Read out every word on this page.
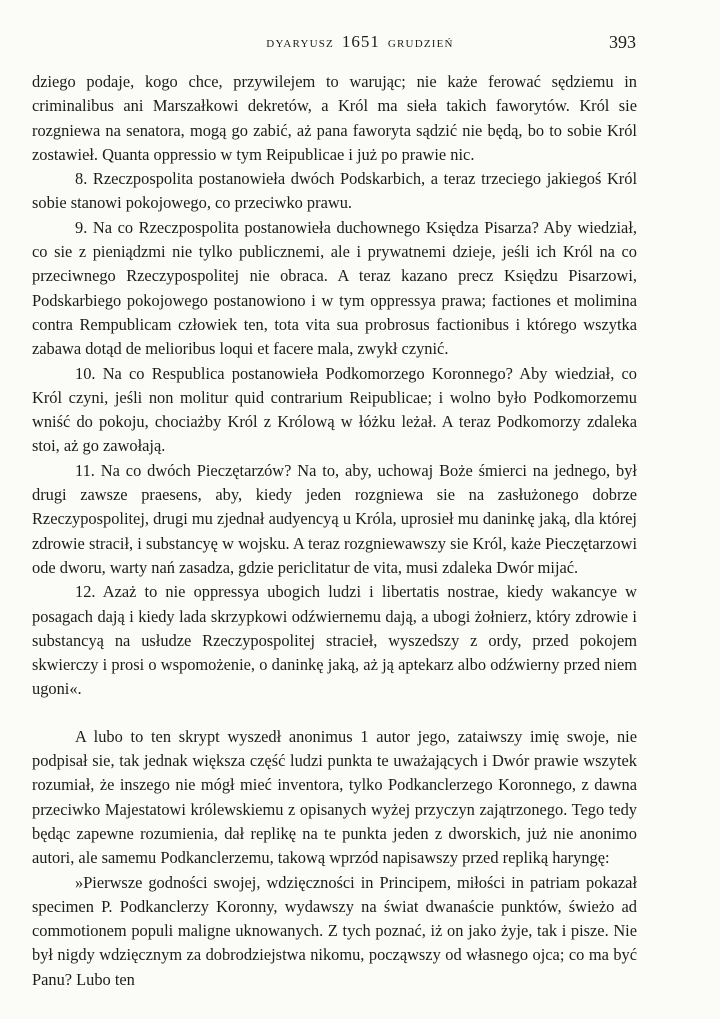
DYARYUSZ 1651 GRUDZIEŃ	393

dziego podaje, kogo chce, przywilejem to warując; nie każe ferować sędziemu in criminalibus ani Marszałkowi dekretów, a Król ma sieła takich faworytów. Król sie rozgniewa na senatora, mogą go zabić, aż pana faworyta sądzić nie będą, bo to sobie Król zostawieł. Quanta oppressio w tym Reipublicae i już po prawie nic.

8. Rzeczpospolita postanowieła dwóch Podskarbich, a teraz trzeciego jakiegoś Król sobie stanowi pokojowego, co przeciwko prawu.

9. Na co Rzeczpospolita postanowieła duchownego Księdza Pisarza? Aby wiedział, co sie z pieniądzmi nie tylko publicznemi, ale i prywatnemi dzieje, jeśli ich Król na co przeciwnego Rzeczypospolitej nie obraca. A teraz kazano precz Księdzu Pisarzowi, Podskarbiego pokojowego postanowiono i w tym oppressya prawa; factiones et molimina contra Rempublicam człowiek ten, tota vita sua probrosus factionibus i którego wszytka zabawa dotąd de melioribus loqui et facere mala, zwykł czynić.

10. Na co Respublica postanowieła Podkomorzego Koronnego? Aby wiedział, co Król czyni, jeśli non molitur quid contrarium Reipublicae; i wolno było Podkomorzemu wniść do pokoju, chociażby Król z Królową w łóżku leżał. A teraz Podkomorzy zdaleka stoi, aż go zawołają.

11. Na co dwóch Pieczętarzów? Na to, aby, uchowaj Boże śmierci na jednego, był drugi zawsze praesens, aby, kiedy jeden rozgniewa sie na zasłużonego dobrze Rzeczypospolitej, drugi mu zjednał audyencyą u Króla, uprosieł mu daninkę jaką, dla której zdrowie stracił, i substancyę w wojsku. A teraz rozgniewawszy sie Król, każe Pieczętarzowi ode dworu, warty nań zasadza, gdzie periclitatur de vita, musi zdaleka Dwór mijać.

12. Azaż to nie oppressya ubogich ludzi i libertatis nostrae, kiedy wakancye w posagach dają i kiedy lada skrzypkowi odźwiernemu dają, a ubogi żołnierz, który zdrowie i substancyą na usłudze Rzeczypospolitej stracieł, wyszedszy z ordy, przed pokojem skwierczy i prosi o wspomożenie, o daninkę jaką, aż ją aptekarz albo odźwierny przed niem ugoni«.

A lubo to ten skrypt wyszedł anonimus 1 autor jego, zataiwszy imię swoje, nie podpisał sie, tak jednak większa część ludzi punkta te uważających i Dwór prawie wszytek rozumiał, że inszego nie mógł mieć inventora, tylko Podkanclerzego Koronnego, z dawna przeciwko Majestatowi królewskiemu z opisanych wyżej przyczyn zajątrzonego. Tego tedy będąc zapewne rozumienia, dał replikę na te punkta jeden z dworskich, już nie anonimo autori, ale samemu Podkanclerzemu, takową wprzód napisawszy przed repliką haryngę:

»Pierwsze godności swojej, wdzięczności in Principem, miłości in patriam pokazał specimen P. Podkanclerzy Koronny, wydawszy na świat dwanaście punktów, świeżo ad commotionem populi maligne uknowanych. Z tych poznać, iż on jako żyje, tak i pisze. Nie był nigdy wdzięcznym za dobrodziejstwa nikomu, począwszy od własnego ojca; co ma być Panu? Lubo ten
